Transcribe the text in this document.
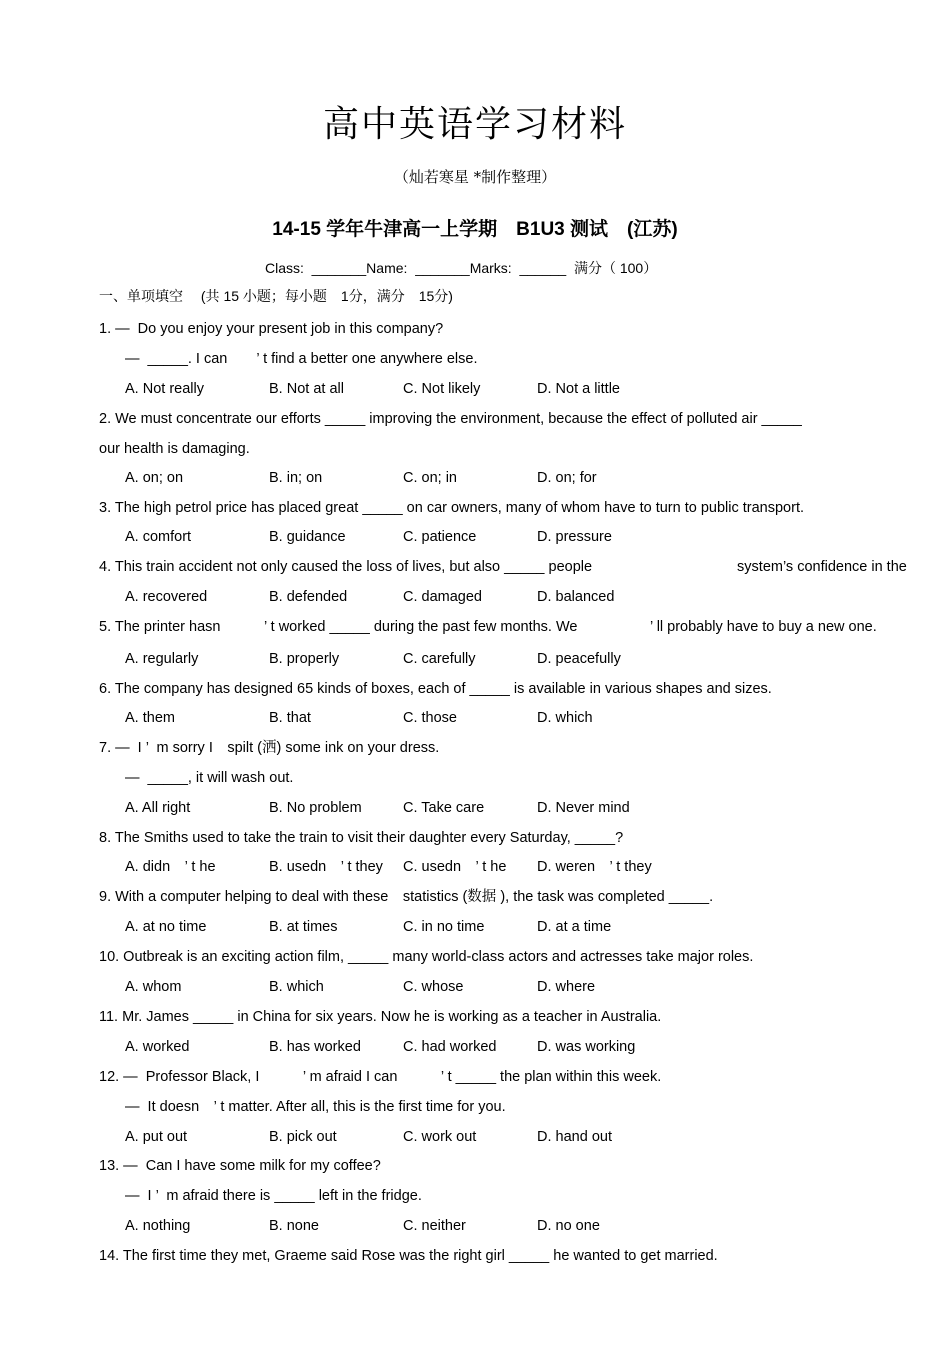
高中英语学习材料
（灿若寒星 *制作整理）
14-15 学年牛津高一上学期　B1U3 测试　(江苏)
Class:  _______Name:  _______Marks:  ______  满分（ 100）
一、单项填空　 (共 15 小题；每小题　1分，满分　15分)
1. —  Do you enjoy your present job in this company?
—  _____. I can　　’ t find a better one anywhere else.
A. Not really	B. Not at all	C. Not likely	D. Not a little
2. We must concentrate our efforts _____ improving the environment, because the effect of polluted air _____
our health is damaging.
A. on; on	B. in; on	C. on; in	D. on; for
3. The high petrol price has placed great _____ on car owners, many of whom have to turn to public transport.
A. comfort	B. guidance	C. patience	D. pressure
4. This train accident not only caused the loss of lives, but also _____ people　　　　　　　　　　system’s confidence in the
A. recovered	B. defended	C. damaged	D. balanced
5. The printer hasn　　　’ t worked _____ during the past few months. We　　　　　’ ll probably have to buy a new one.
A. regularly	B. properly	C. carefully	D. peacefully
6. The company has designed 65 kinds of boxes, each of _____ is available in various shapes and sizes.
A. them	B. that	C. those	D. which
7. —  I ’  m sorry I　spilt (洒) some ink on your dress.
—  _____, it will wash out.
A. All right	B. No problem	C. Take care	D. Never mind
8. The Smiths used to take the train to visit their daughter every Saturday, _____?
A. didn　’ t he	B. usedn　’ t they C. usedn　’ t he D. weren　’ t they
9. With a computer helping to deal with these　statistics (数据 ), the task was completed _____.
A. at no time	B. at times	C. in no time	D. at a time
10. Outbreak is an exciting action film, _____ many world-class actors and actresses take major roles.
A. whom	B. which	C. whose	D. where
11. Mr. James _____ in China for six years. Now he is working as a teacher in Australia.
A. worked	B. has worked	C. had worked	D. was working
12. —  Professor Black, I　　　’ m afraid I can　　　’ t _____ the plan within this week.
—  It doesn　’ t matter. After all, this is the first time for you.
A. put out	B. pick out	C. work out	D. hand out
13. —  Can I have some milk for my coffee?
—  I ’  m afraid there is _____ left in the fridge.
A. nothing	B. none	C. neither	D. no one
14. The first time they met, Graeme said Rose was the right girl _____ he wanted to get married.
